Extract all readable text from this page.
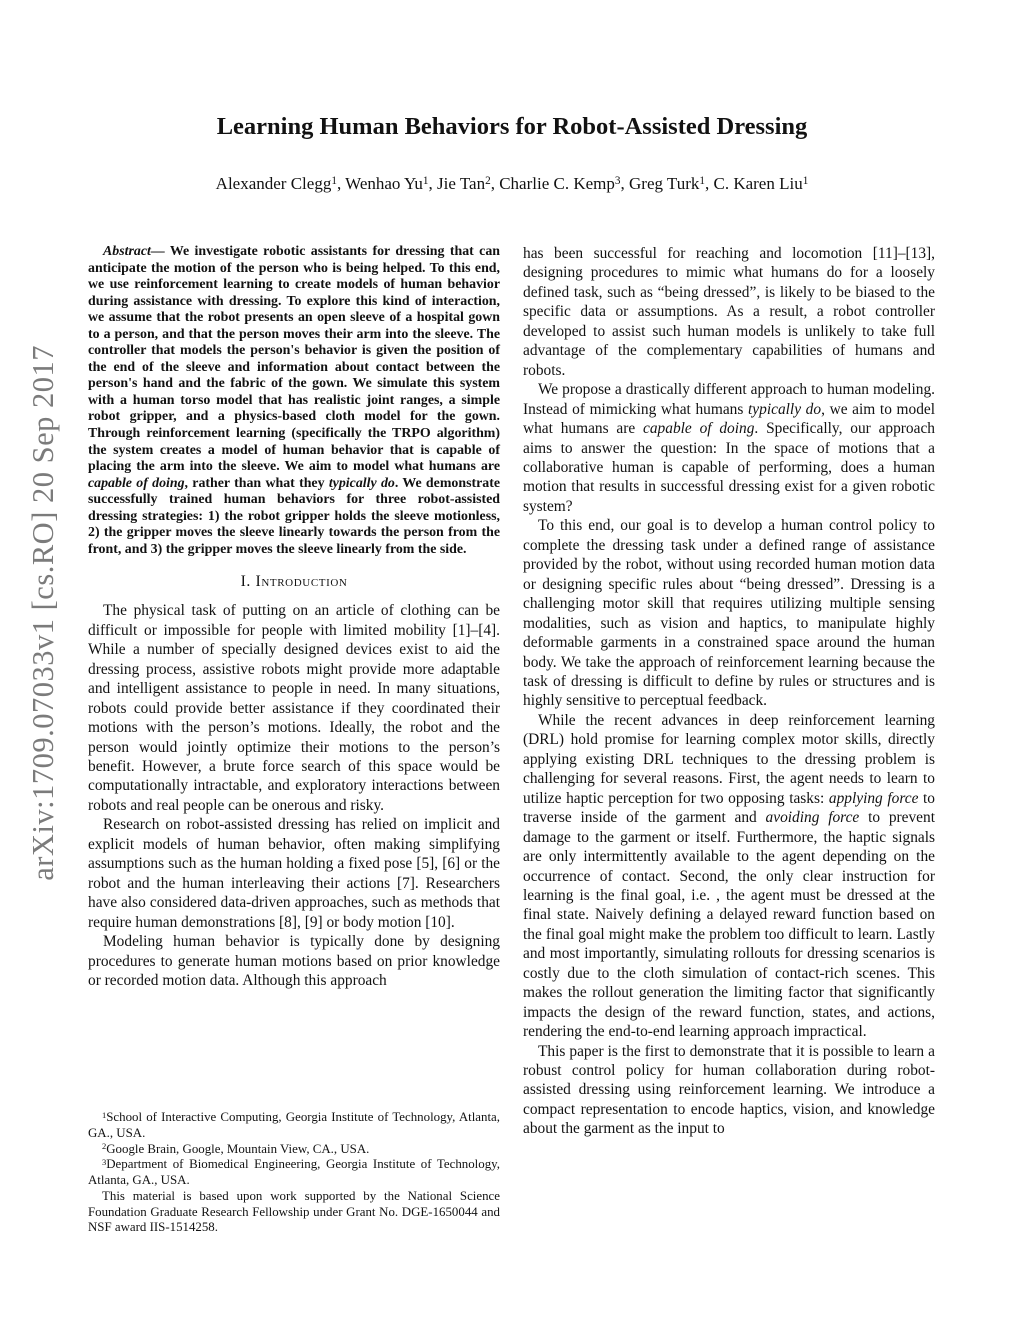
arXiv:1709.07033v1 [cs.RO] 20 Sep 2017
Learning Human Behaviors for Robot-Assisted Dressing
Alexander Clegg$^1$, Wenhao Yu$^1$, Jie Tan$^2$, Charlie C. Kemp$^3$, Greg Turk$^1$, C. Karen Liu$^1$

Abstract— We investigate robotic assistants for dressing that can anticipate the motion of the person who is being helped. To this end, we use reinforcement learning to create models of human behavior during assistance with dressing. To explore this kind of interaction, we assume that the robot presents an open sleeve of a hospital gown to a person, and that the person moves their arm into the sleeve. The controller that models the person's behavior is given the position of the end of the sleeve and information about contact between the person's hand and the fabric of the gown. We simulate this system with a human torso model that has realistic joint ranges, a simple robot gripper, and a physics-based cloth model for the gown. Through reinforcement learning (specifically the TRPO algorithm) the system creates a model of human behavior that is capable of placing the arm into the sleeve. We aim to model what humans are capable of doing, rather than what they typically do. We demonstrate successfully trained human behaviors for three robot-assisted dressing strategies: 1) the robot gripper holds the sleeve motionless, 2) the gripper moves the sleeve linearly towards the person from the front, and 3) the gripper moves the sleeve linearly from the side.

I. Introduction

The physical task of putting on an article of clothing can be difficult or impossible for people with limited mobility [1]–[4]. While a number of specially designed devices exist to aid the dressing process, assistive robots might provide more adaptable and intelligent assistance to people in need. In many situations, robots could provide better assistance if they coordinated their motions with the person’s motions. Ideally, the robot and the person would jointly optimize their motions to the person’s benefit. However, a brute force search of this space would be computationally intractable, and exploratory interactions between robots and real people can be onerous and risky.

Research on robot-assisted dressing has relied on implicit and explicit models of human behavior, often making simplifying assumptions such as the human holding a fixed pose [5], [6] or the robot and the human interleaving their actions [7]. Researchers have also considered data-driven approaches, such as methods that require human demonstrations [8], [9] or body motion [10].

Modeling human behavior is typically done by designing procedures to generate human motions based on prior knowledge or recorded motion data. Although this approach

$^1$School of Interactive Computing, Georgia Institute of Technology, Atlanta, GA., USA.

$^2$Google Brain, Google, Mountain View, CA., USA.

$^3$Department of Biomedical Engineering, Georgia Institute of Technology, Atlanta, GA., USA.

This material is based upon work supported by the National Science Foundation Graduate Research Fellowship under Grant No. DGE-1650044 and NSF award IIS-1514258.

has been successful for reaching and locomotion [11]–[13], designing procedures to mimic what humans do for a loosely defined task, such as “being dressed”, is likely to be biased to the specific data or assumptions. As a result, a robot controller developed to assist such human models is unlikely to take full advantage of the complementary capabilities of humans and robots.

We propose a drastically different approach to human modeling. Instead of mimicking what humans typically do, we aim to model what humans are capable of doing. Specifically, our approach aims to answer the question: In the space of motions that a collaborative human is capable of performing, does a human motion that results in successful dressing exist for a given robotic system?

To this end, our goal is to develop a human control policy to complete the dressing task under a defined range of assistance provided by the robot, without using recorded human motion data or designing specific rules about “being dressed”. Dressing is a challenging motor skill that requires utilizing multiple sensing modalities, such as vision and haptics, to manipulate highly deformable garments in a constrained space around the human body. We take the approach of reinforcement learning because the task of dressing is difficult to define by rules or structures and is highly sensitive to perceptual feedback.

While the recent advances in deep reinforcement learning (DRL) hold promise for learning complex motor skills, directly applying existing DRL techniques to the dressing problem is challenging for several reasons. First, the agent needs to learn to utilize haptic perception for two opposing tasks: applying force to traverse inside of the garment and avoiding force to prevent damage to the garment or itself. Furthermore, the haptic signals are only intermittently available to the agent depending on the occurrence of contact. Second, the only clear instruction for learning is the final goal, i.e. , the agent must be dressed at the final state. Naively defining a delayed reward function based on the final goal might make the problem too difficult to learn. Lastly and most importantly, simulating rollouts for dressing scenarios is costly due to the cloth simulation of contact-rich scenes. This makes the rollout generation the limiting factor that significantly impacts the design of the reward function, states, and actions, rendering the end-to-end learning approach impractical.

This paper is the first to demonstrate that it is possible to learn a robust control policy for human collaboration during robot-assisted dressing using reinforcement learning. We introduce a compact representation to encode haptics, vision, and knowledge about the garment as the input to
